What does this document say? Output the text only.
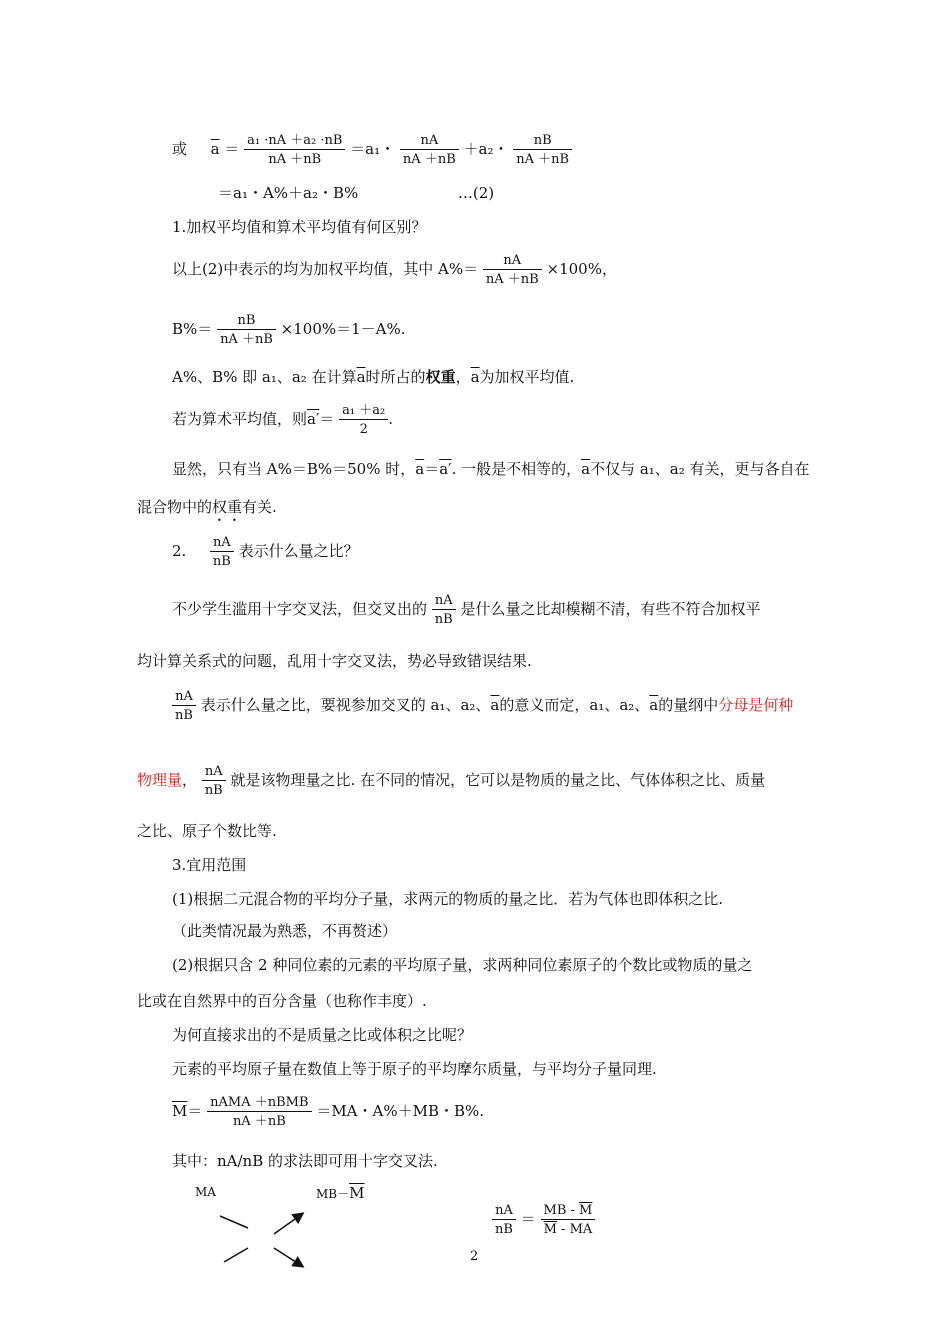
或 $\overline{a} = \frac{\text{a₁ ·nA ＋a₂ ·nB}}{nA +nB} =a_1$・ $\frac{nA}{nA +nB} +a_2$・ $\frac{nB}{nA +nB}$
＝a₁・A%＋a₂・B%	…(2)
1.加权平均值和算术平均值有何区别？
以上(2)中表示的均为加权平均值，其中 $A\%= \frac{nA}{nA +nB} \times 100\%$，
$B\%= \frac{nB}{nA +nB} \times 100\%=1-A\%$.
A%、B% 即 a₁、a₂ 在计算$\overline{a}$时所占的权重，$\overline{a}$为加权平均值.
若为算术平均值，则$a'= \frac{\text{a₁ ＋a₂}}{2}$ .
显然，只有当 A%＝B%＝50% 时，$\overline{a}=a'$. 一般是不相等的，$\overline{a}$不仅与 a₁、a₂ 有关，更与各自在
混合物中的权重有关.
2. $\frac{nA}{nB}$ 表示什么量之比？
不少学生滥用十字交叉法，但交叉出的 $\frac{nA}{nB}$ 是什么量之比却模糊不清，有些不符合加权平
均计算关系式的问题，乱用十字交叉法，势必导致错误结果.
$\frac{nA}{nB}$ 表示什么量之比，要视参加交叉的 a₁、a₂、$\overline{a}$的意义而定，a₁、a₂、$\overline{a}$的量纲中分母是何种
物理量， $\frac{nA}{nB}$ 就是该物理量之比. 在不同的情况，它可以是物质的量之比、气体体积之比、质量
之比、原子个数比等.
3.宜用范围
(1)根据二元混合物的平均分子量，求两元的物质的量之比．若为气体也即体积之比.
（此类情况最为熟悉，不再赘述）
(2)根据只含 2 种同位素的元素的平均原子量，求两种同位素原子的个数比或物质的量之
比或在自然界中的百分含量（也称作丰度）.
为何直接求出的不是质量之比或体积之比呢？
元素的平均原子量在数值上等于原子的平均摩尔质量，与平均分子量同理.
$\overline{M}=$ nAMA ＋nBMB
nA ＋nB
＝MA・A%＋MB・B%.
其中：nA/nB 的求法即可用十字交叉法.
MA	$MB-\overline{M}$
$\frac{nA}{nB} = \frac{MB - \overline{M}}{\overline{M} - MA}$
2
